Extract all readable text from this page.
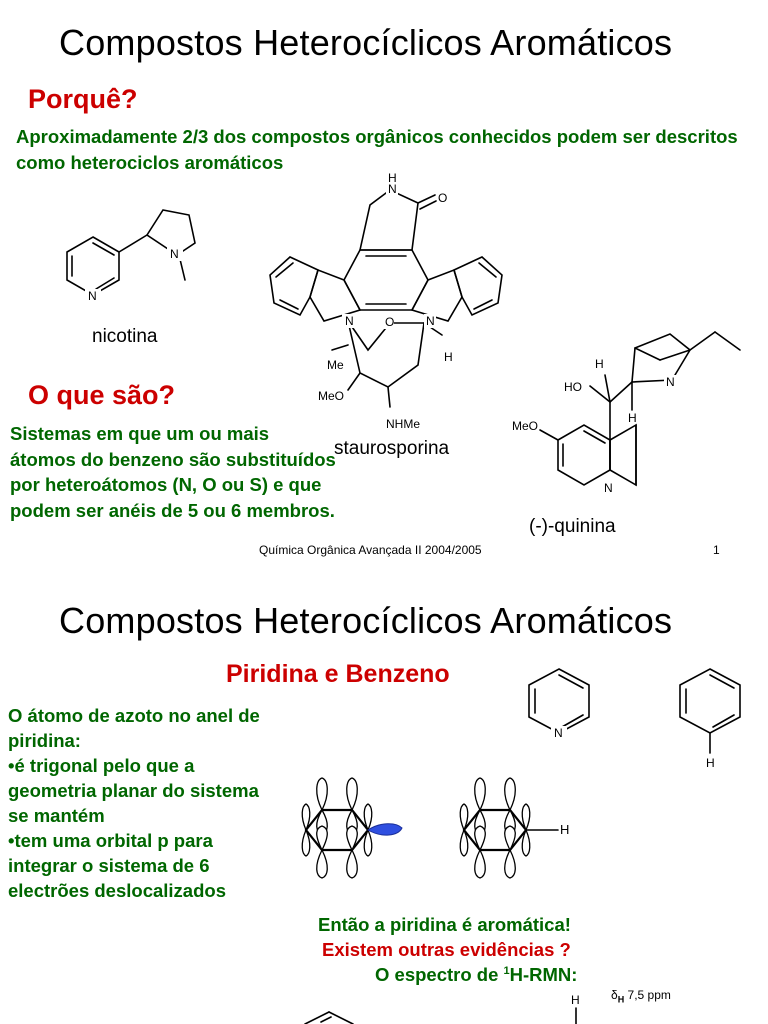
Compostos Heterocíclicos Aromáticos
Porquê?
Aproximadamente 2/3 dos compostos orgânicos conhecidos podem ser descritos como heterociclos aromáticos
N
N
nicotina
O
N
H
N	N
O
H
Me
MeO
NHMe
staurosporina
MeO
HO
H
H
N
N
(-)-quinina
O que são?
Sistemas em que um ou mais átomos do benzeno são substituídos por heteroátomos (N, O ou S) e que podem ser anéis de 5 ou 6 membros.
Química Orgânica Avançada II 2004/2005	1
Compostos Heterocíclicos Aromáticos
Piridina e Benzeno
N
H
O átomo de azoto no anel de piridina:
•é trigonal pelo que a geometria planar do sistema se mantém
•tem uma orbital p para integrar o sistema de 6 electrões deslocalizados
H
Então a piridina é aromática!
Existem outras evidências ?
O espectro de $^1$H-RMN:
H	$\delta_H$ 7,5 ppm
